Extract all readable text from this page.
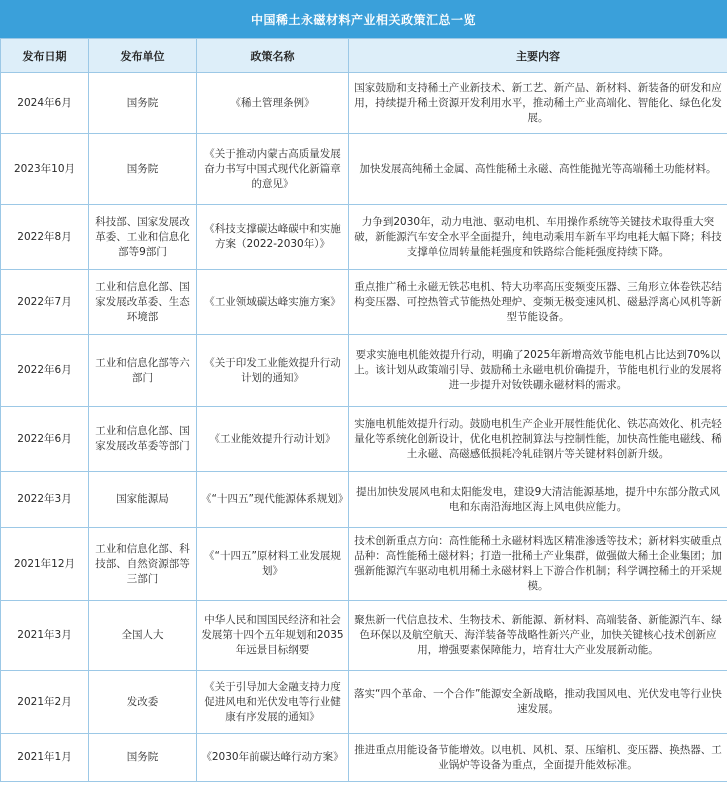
中国稀土永磁材料产业相关政策汇总一览
发布日期	发布单位	政策名称	主要内容
2024年6月	国务院	《稀土管理条例》	国家鼓励和支持稀土产业新技术、新工艺、新产品、新材料、新装备的研发和应用，持续提升稀土资源开发利用水平，推动稀土产业高端化、智能化、绿色化发展。
2023年10月	国务院	《关于推动内蒙古高质量发展奋力书写中国式现代化新篇章的意见》	加快发展高纯稀土金属、高性能稀土永磁、高性能抛光等高端稀土功能材料。
2022年8月	科技部、国家发展改革委、工业和信息化部等9部门	《科技支撑碳达峰碳中和实施方案（2022-2030年）》	力争到2030年，动力电池、驱动电机、车用操作系统等关键技术取得重大突破，新能源汽车安全水平全面提升，纯电动乘用车新车平均电耗大幅下降；科技支撑单位周转量能耗强度和铁路综合能耗强度持续下降。
2022年7月	工业和信息化部、国家发展改革委、生态环境部	《工业领域碳达峰实施方案》	重点推广稀土永磁无铁芯电机、特大功率高压变频变压器、三角形立体卷铁芯结构变压器、可控热管式节能热处理炉、变频无极变速风机、磁悬浮离心风机等新型节能设备。
2022年6月	工业和信息化部等六部门	《关于印发工业能效提升行动计划的通知》	要求实施电机能效提升行动，明确了2025年新增高效节能电机占比达到70%以上。该计划从政策端引导、鼓励稀土永磁电机价确提升，节能电机行业的发展将进一步提升对钕铁硼永磁材料的需求。
2022年6月	工业和信息化部、国家发展改革委等部门	《工业能效提升行动计划》	实施电机能效提升行动。鼓励电机生产企业开展性能优化、铁芯高效化、机壳轻量化等系统化创新设计，优化电机控制算法与控制性能，加快高性能电磁线、稀土永磁、高磁感低损耗冷轧硅钢片等关键材料创新升级。
2022年3月	国家能源局	《“十四五”现代能源体系规划》	提出加快发展风电和太阳能发电，建设9大清洁能源基地，提升中东部分散式风电和东南沿海地区海上风电供应能力。
2021年12月	工业和信息化部、科技部、自然资源部等三部门	《“十四五”原材料工业发展规划》	技术创新重点方向：高性能稀土永磁材料选区精准渗透等技术；新材料实破重点品种：高性能稀土磁材料；打造一批稀土产业集群，做强做大稀土企业集团；加强新能源汽车驱动电机用稀土永磁材料上下游合作机制；科学调控稀土的开采规模。
2021年3月	全国人大	中华人民和国国民经济和社会发展第十四个五年规划和2035年远景目标纲要	聚焦新一代信息技术、生物技术、新能源、新材料、高端装备、新能源汽车、绿色环保以及航空航天、海洋装备等战略性新兴产业，加快关键核心技术创新应用，增强要素保障能力，培育壮大产业发展新动能。
2021年2月	发改委	《关于引导加大金融支持力度促进风电和光伏发电等行业健康有序发展的通知》	落实“四个革命、一个合作”能源安全新战略，推动我国风电、光伏发电等行业快速发展。
2021年1月	国务院	《2030年前碳达峰行动方案》	推进重点用能设备节能增效。以电机、风机、泵、压缩机、变压器、换热器、工业锅炉等设备为重点，全面提升能效标准。
